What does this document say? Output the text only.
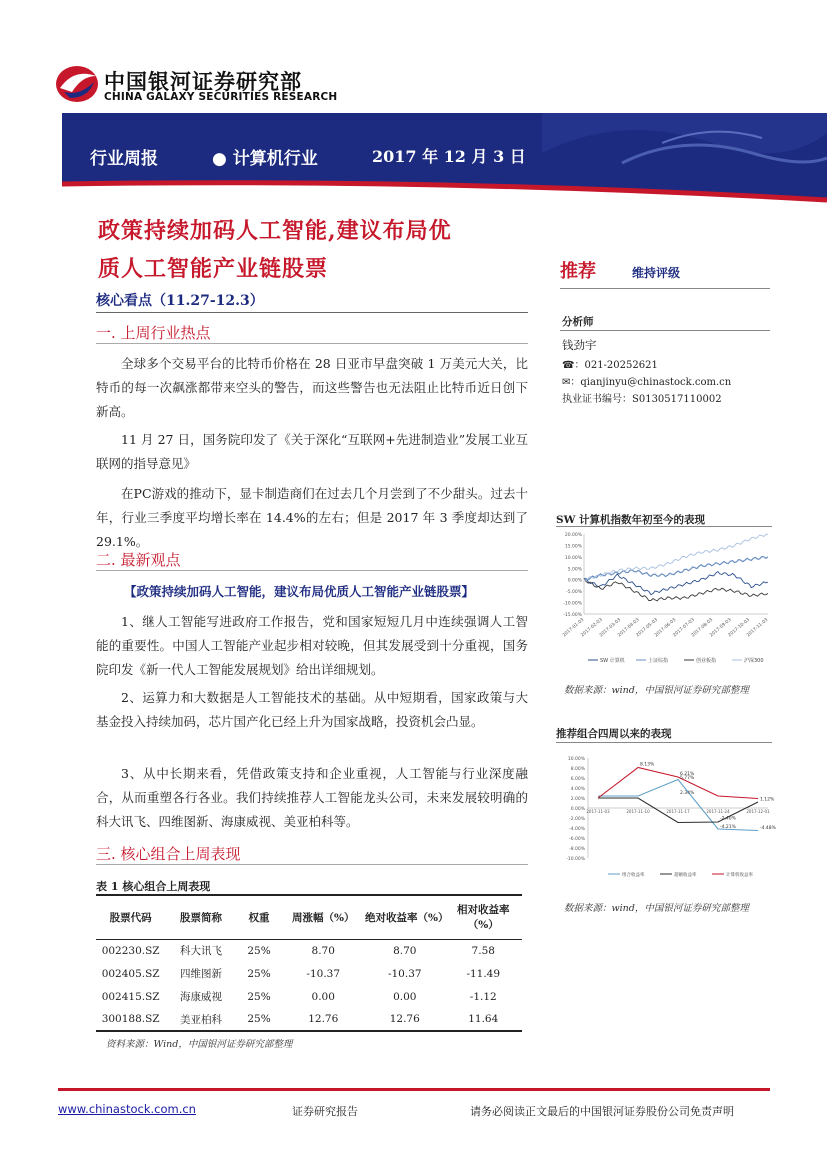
中国银河证券研究部
CHINA GALAXY SECURITIES RESEARCH
行业周报	● 计算机行业	2017 年 12 月 3 日
政策持续加码人工智能,建议布局优
质人工智能产业链股票
核心看点（11.27-12.3）
推荐	维持评级
分析师
钱劲宇
☎：021-20252621
✉：qianjinyu@chinastock.com.cn
执业证书编号：S0130517110002
SW 计算机指数年初至今的表现
20.00%
15.00%
10.00%
5.00%
0.00%
-5.00%
-10.00%
-15.00%
2017-01-03
2017-02-03
2017-03-03
2017-04-03
2017-05-03
2017-06-03
2017-07-03
2017-08-03
2017-09-03
2017-10-03
2017-11-03
SW 计算机	上证综指	创业板指	沪深300
数据来源：wind，中国银河证券研究部整理
推荐组合四周以来的表现
10.00%
8.00%
6.00%
4.00%
2.00%
0.00%
-2.00%
-4.00%
-6.00%
-8.00%
-10.00%
2017-11-03	2017-11-10	2017-11-17	2017-11-24	2017-12-01
8.13%
6.21%
5.77%
2.34%
1.12%
-2.40%
-4.21%	-4.48%
组合收益率	超额收益率	计算机收益率
数据来源：wind，中国银河证券研究部整理
一. 上周行业热点
全球多个交易平台的比特币价格在 28 日亚市早盘突破 1 万美元大关，比特币的每一次飙涨都带来空头的警告，而这些警告也无法阻止比特币近日创下新高。
11 月 27 日，国务院印发了《关于深化“互联网+先进制造业”发展工业互联网的指导意见》
在PC游戏的推动下，显卡制造商们在过去几个月尝到了不少甜头。过去十年，行业三季度平均增长率在 14.4%的左右；但是 2017 年 3 季度却达到了 29.1%。
二. 最新观点
【政策持续加码人工智能，建议布局优质人工智能产业链股票】
1、继人工智能写进政府工作报告，党和国家短短几月中连续强调人工智能的重要性。中国人工智能产业起步相对较晚，但其发展受到十分重视，国务院印发《新一代人工智能发展规划》给出详细规划。
2、运算力和大数据是人工智能技术的基础。从中短期看，国家政策与大基金投入持续加码，芯片国产化已经上升为国家战略，投资机会凸显。
3、从中长期来看，凭借政策支持和企业重视，人工智能与行业深度融合，从而重塑各行各业。我们持续推荐人工智能龙头公司，未来发展较明确的科大讯飞、四维图新、海康威视、美亚柏科等。
三. 核心组合上周表现
表 1 核心组合上周表现
股票代码	股票简称	权重	周涨幅（%）	绝对收益率（%）	相对收益率（%）
002230.SZ	科大讯飞	25%	8.70	8.70	7.58
002405.SZ	四维图新	25%	-10.37	-10.37	-11.49
002415.SZ	海康威视	25%	0.00	0.00	-1.12
300188.SZ	美亚柏科	25%	12.76	12.76	11.64
资料来源：Wind，中国银河证券研究部整理
www.chinastock.com.cn	证券研究报告	请务必阅读正文最后的中国银河证券股份公司免责声明
